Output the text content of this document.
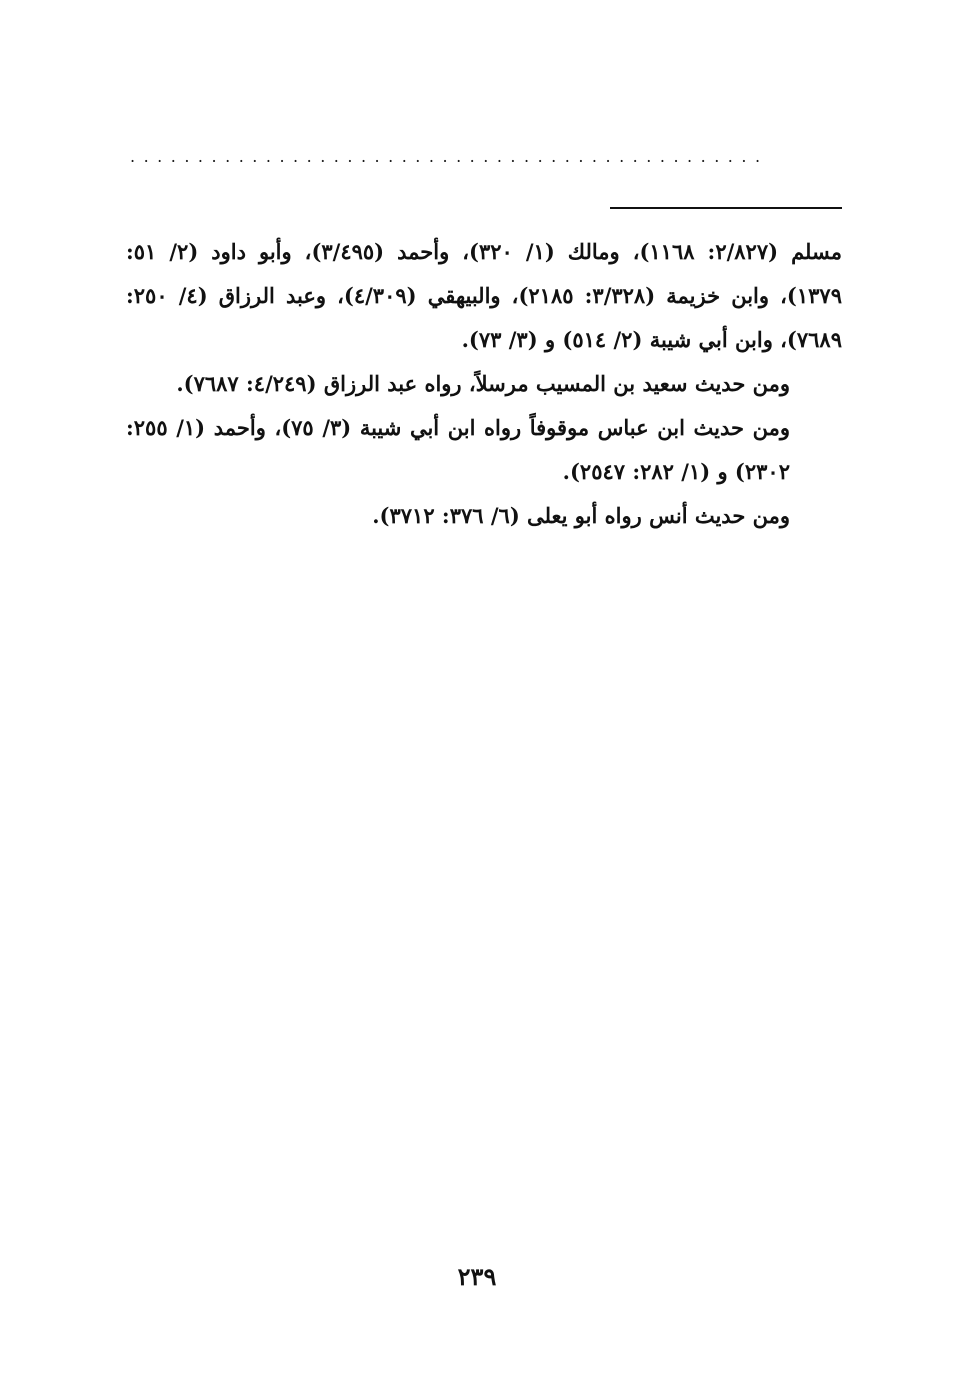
...............................................

مسلم (٢/٨٢٧: ١١٦٨)، ومالك (١/ ٣٢٠)، وأحمد (٣/٤٩٥)، وأبو داود (٢/ ٥١: ١٣٧٩)، وابن خزيمة (٣/٣٢٨: ٢١٨٥)، والبيهقي (٤/٣٠٩)، وعبد الرزاق (٤/ ٢٥٠: ٧٦٨٩)، وابن أبي شيبة (٢/ ٥١٤) و (٣/ ٧٣).

ومن حديث سعيد بن المسيب مرسلاً، رواه عبد الرزاق (٤/٢٤٩: ٧٦٨٧).

ومن حديث ابن عباس موقوفاً رواه ابن أبي شيبة (٣/ ٧٥)، وأحمد (١/ ٢٥٥: ٢٣٠٢) و (١/ ٢٨٢: ٢٥٤٧).

ومن حديث أنس رواه أبو يعلى (٦/ ٣٧٦: ٣٧١٢).

٢٣٩
